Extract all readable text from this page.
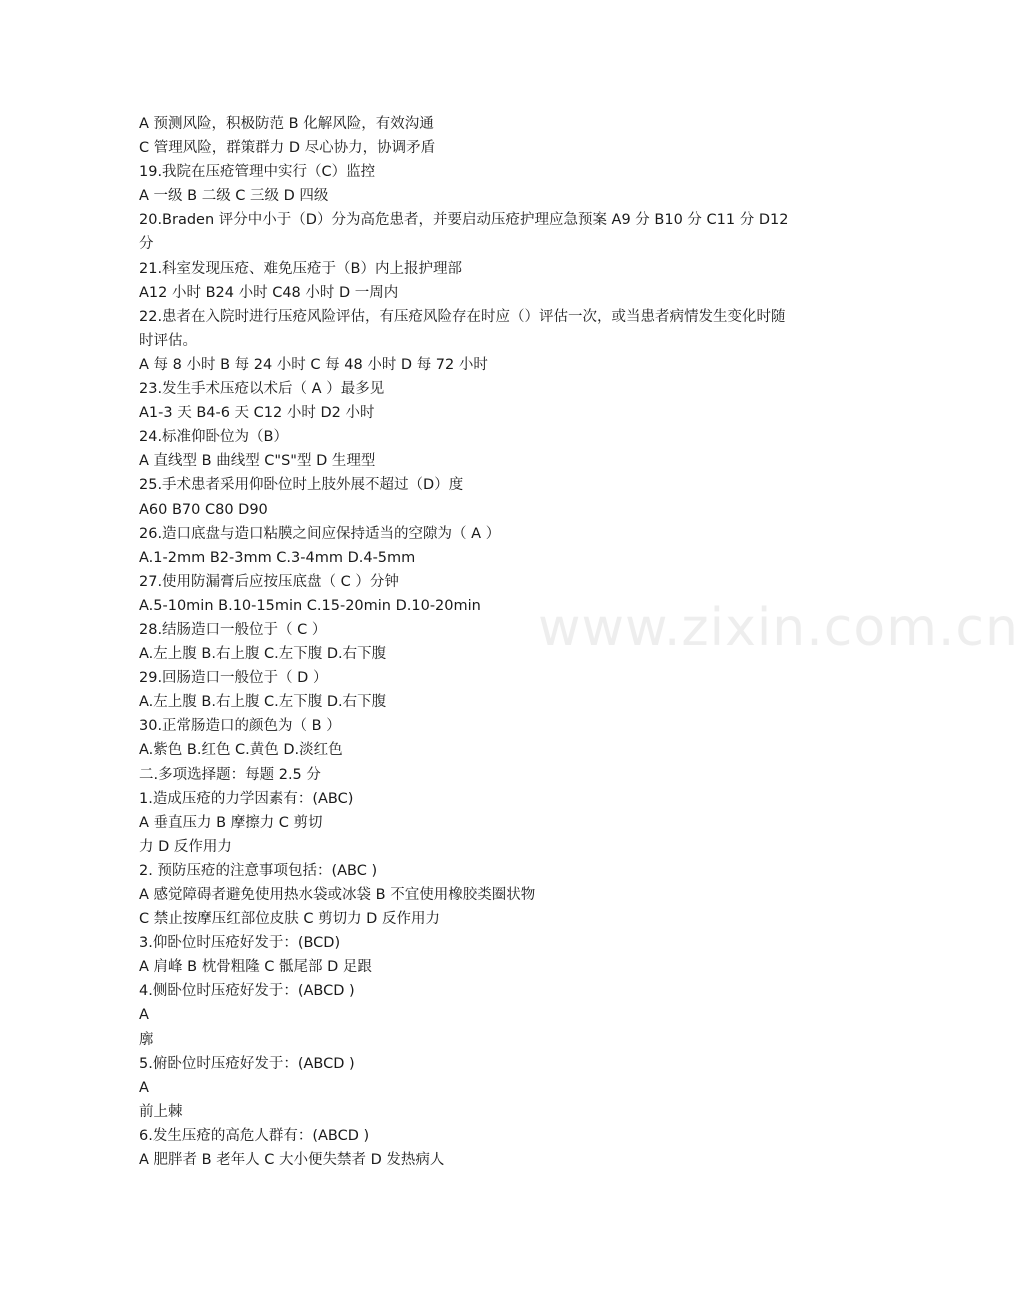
A 预测风险，积极防范 B 化解风险，有效沟通
C 管理风险，群策群力 D 尽心协力，协调矛盾
19.我院在压疮管理中实行（C）监控
A 一级 B 二级 C 三级 D 四级
20.Braden 评分中小于（D）分为高危患者，并要启动压疮护理应急预案 A9 分 B10 分 C11 分 D12 分
21.科室发现压疮、难免压疮于（B）内上报护理部
A12 小时 B24 小时 C48 小时 D 一周内
22.患者在入院时进行压疮风险评估，有压疮风险存在时应（）评估一次，或当患者病情发生变化时随时评估。
A 每 8 小时 B 每 24 小时 C 每 48 小时 D 每 72 小时
23.发生手术压疮以术后（ A ）最多见
A1-3 天 B4-6 天 C12 小时 D2 小时
24.标准仰卧位为（B）
A 直线型 B 曲线型 C"S"型 D 生理型
25.手术患者采用仰卧位时上肢外展不超过（D）度
A60 B70 C80 D90
26.造口底盘与造口粘膜之间应保持适当的空隙为（ A ）
A.1-2mm B2-3mm C.3-4mm D.4-5mm
27.使用防漏膏后应按压底盘（ C ）分钟
A.5-10min B.10-15min C.15-20min D.10-20min
28.结肠造口一般位于（ C ）
A.左上腹 B.右上腹 C.左下腹 D.右下腹
29.回肠造口一般位于（ D ）
A.左上腹 B.右上腹 C.左下腹 D.右下腹
30.正常肠造口的颜色为（ B ）
A.紫色 B.红色 C.黄色 D.淡红色
二.多项选择题：每题 2.5 分
1.造成压疮的力学因素有：(ABC)
A 垂直压力 B 摩擦力 C 剪切
力 D 反作用力
2. 预防压疮的注意事项包括：(ABC )
A 感觉障碍者避免使用热水袋或冰袋 B 不宜使用橡胶类圈状物
C 禁止按摩压红部位皮肤 C 剪切力 D 反作用力
3.仰卧位时压疮好发于：(BCD)
A 肩峰 B 枕骨粗隆 C 骶尾部 D 足跟
4.侧卧位时压疮好发于：(ABCD )
A
廓
5.俯卧位时压疮好发于：(ABCD )
A
前上棘
6.发生压疮的高危人群有：(ABCD )
A 肥胖者 B 老年人 C 大小便失禁者 D 发热病人
www.zixin.com.cn
